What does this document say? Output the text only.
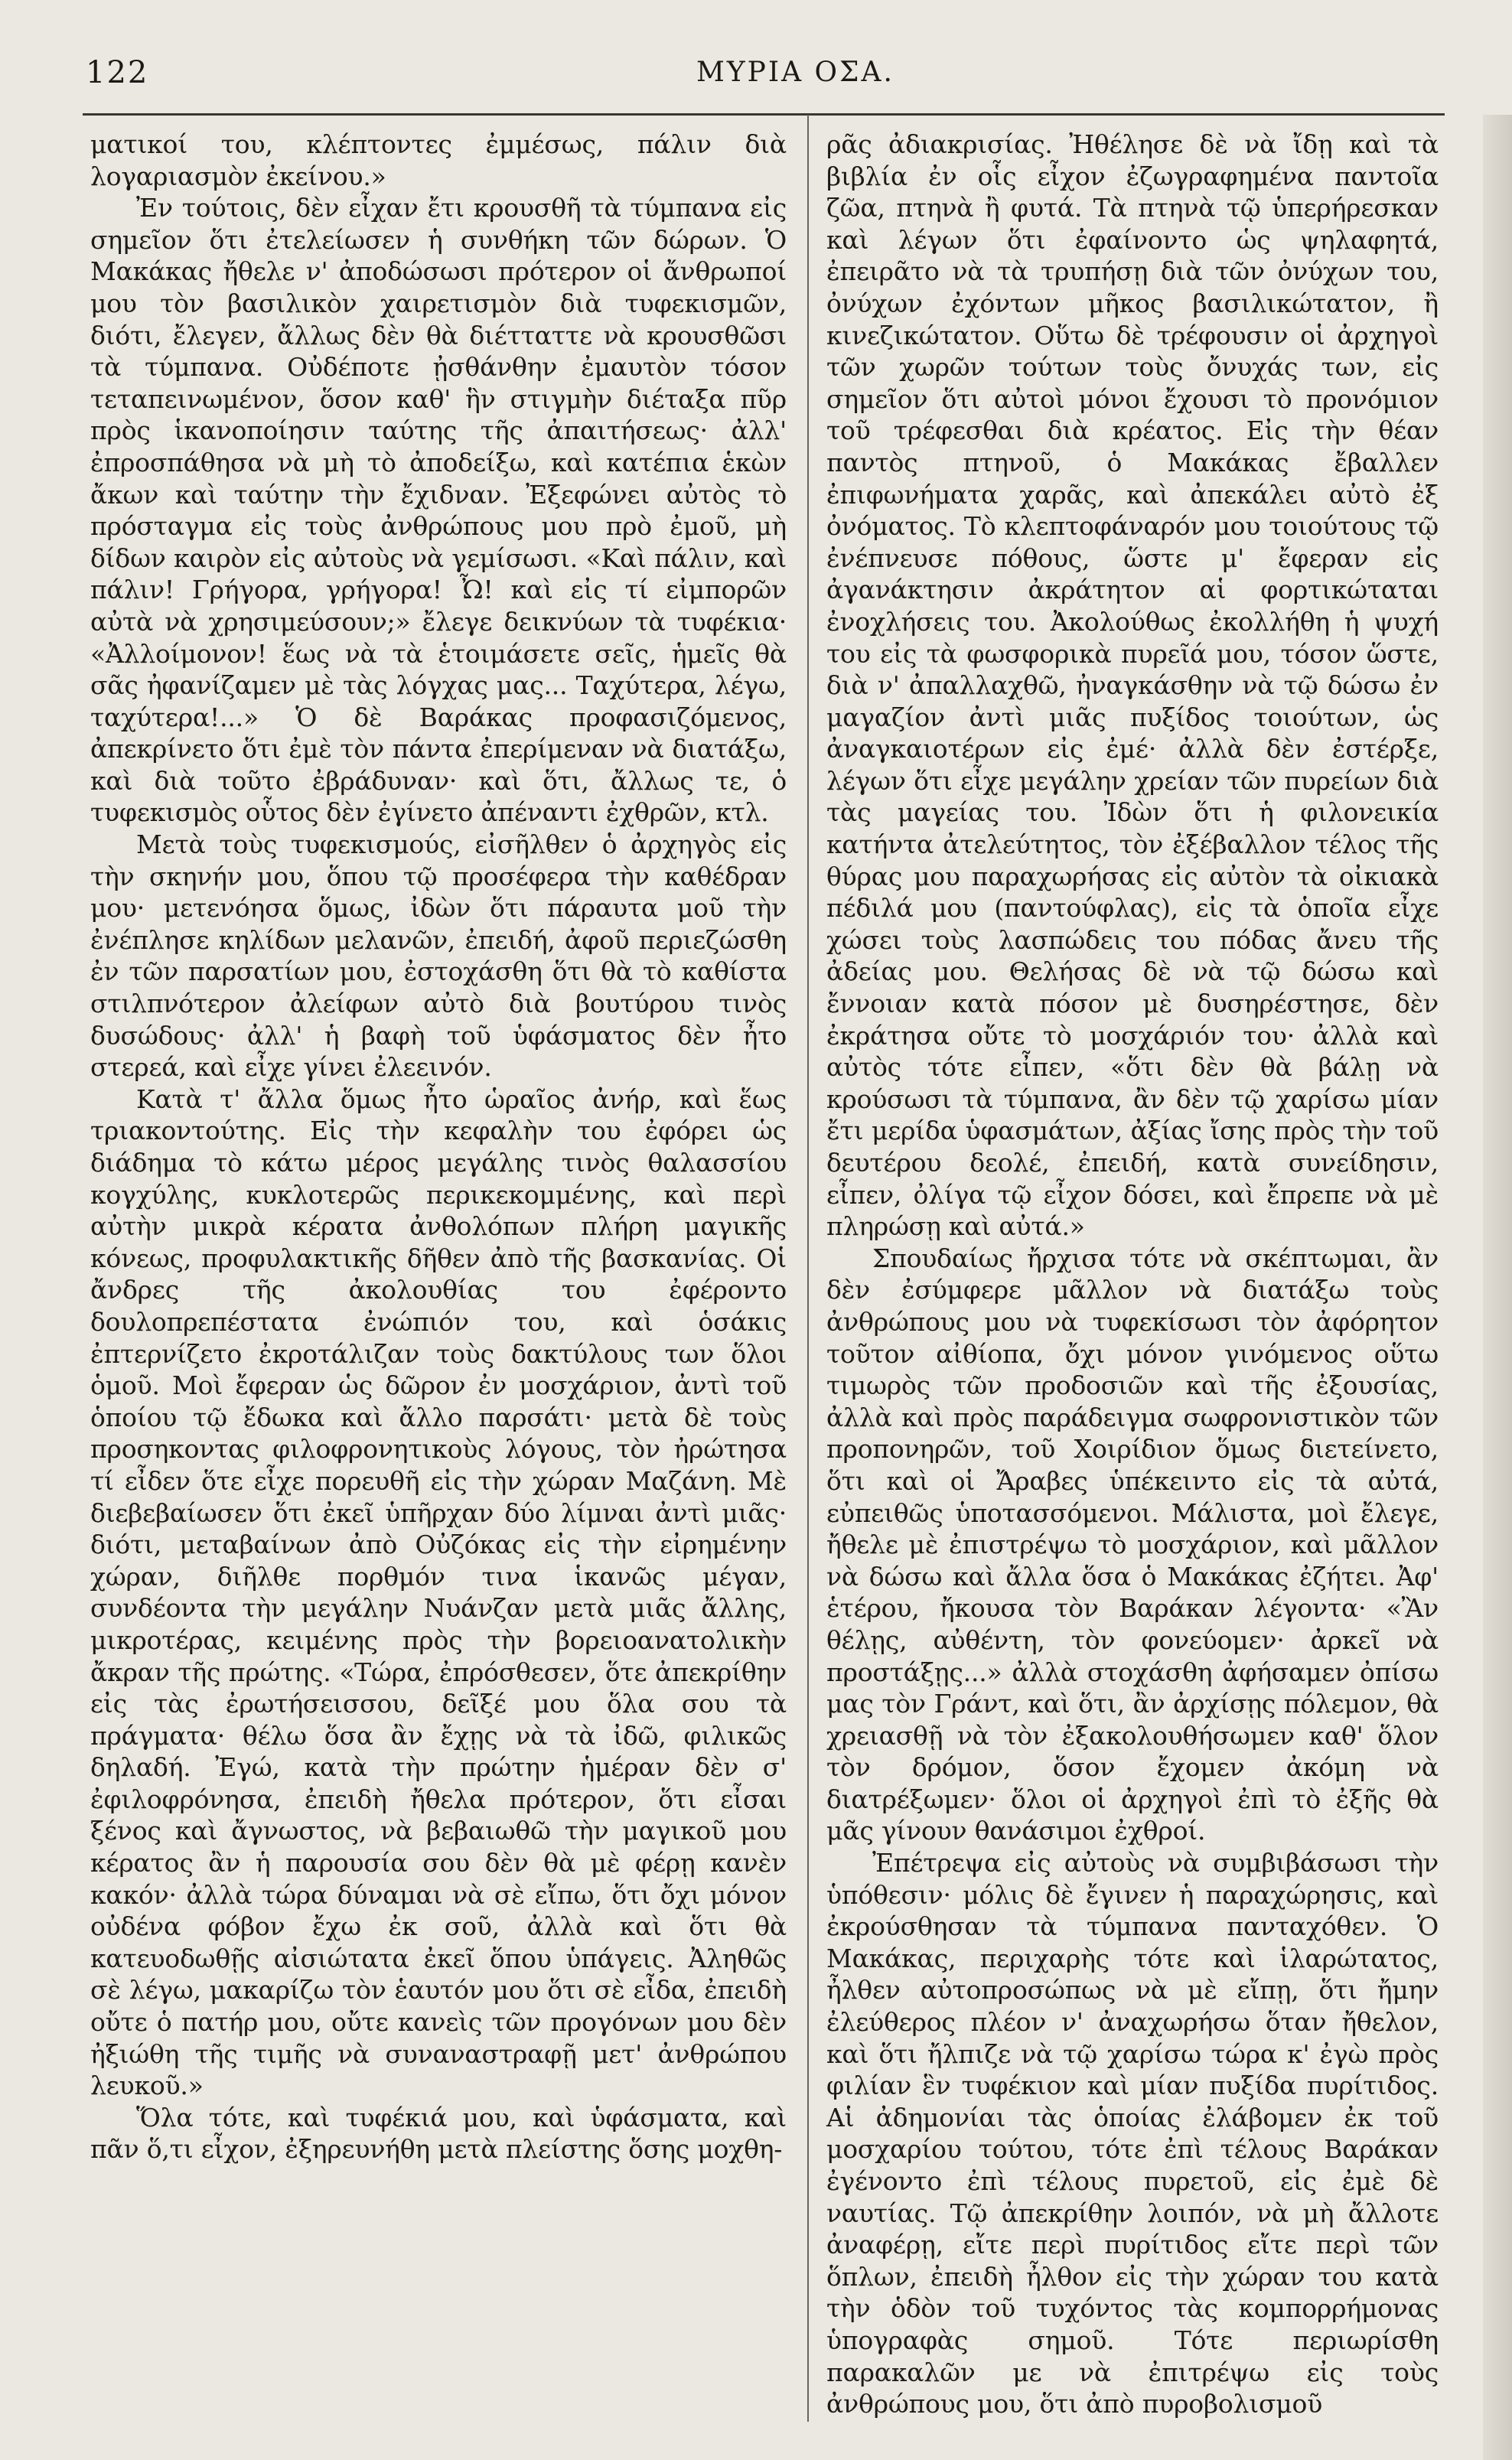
122	ΜΥΡΙΑ ΟΣΑ.

ματικοί του, κλέπτοντες ἐμμέσως, πάλιν διὰ λογαριασμὸν ἐκείνου.»

Ἐν τούτοις, δὲν εἶχαν ἔτι κρουσθῆ τὰ τύμπανα εἰς σημεῖον ὅτι ἐτελείωσεν ἡ συνθήκη τῶν δώρων. Ὁ Μακάκας ἤθελε ν' ἀποδώσωσι πρότερον οἱ ἄνθρωποί μου τὸν βασιλικὸν χαιρετισμὸν διὰ τυφεκισμῶν, διότι, ἔλεγεν, ἄλλως δὲν θὰ διέτταττε νὰ κρουσθῶσι τὰ τύμπανα. Οὐδέποτε ᾐσθάνθην ἐμαυτὸν τόσον τεταπεινωμένον, ὅσον καθ' ἣν στιγμὴν διέταξα πῦρ πρὸς ἱκανοποίησιν ταύτης τῆς ἀπαιτήσεως· ἀλλ' ἐπροσπάθησα νὰ μὴ τὸ ἀποδείξω, καὶ κατέπια ἑκὼν ἄκων καὶ ταύτην τὴν ἔχιδναν. Ἐξεφώνει αὐτὸς τὸ πρόσταγμα εἰς τοὺς ἀνθρώπους μου πρὸ ἐμοῦ, μὴ δίδων καιρὸν εἰς αὐτοὺς νὰ γεμίσωσι. «Καὶ πάλιν, καὶ πάλιν! Γρήγορα, γρήγορα! Ὦ! καὶ εἰς τί εἰμπορῶν αὐτὰ νὰ χρησιμεύσουν;» ἔλεγε δεικνύων τὰ τυφέκια· «Ἀλλοίμονον! ἕως νὰ τὰ ἑτοιμάσετε σεῖς, ἡμεῖς θὰ σᾶς ἠφανίζαμεν μὲ τὰς λόγχας μας... Ταχύτερα, λέγω, ταχύτερα!...» Ὁ δὲ Βαράκας προφασιζόμενος, ἀπεκρίνετο ὅτι ἐμὲ τὸν πάντα ἐπερίμεναν νὰ διατάξω, καὶ διὰ τοῦτο ἐβράδυναν· καὶ ὅτι, ἄλλως τε, ὁ τυφεκισμὸς οὗτος δὲν ἐγίνετο ἀπέναντι ἐχθρῶν, κτλ.

Μετὰ τοὺς τυφεκισμούς, εἰσῆλθεν ὁ ἀρχηγὸς εἰς τὴν σκηνήν μου, ὅπου τῷ προσέφερα τὴν καθέδραν μου· μετενόησα ὅμως, ἰδὼν ὅτι πάραυτα μοῦ τὴν ἐνέπλησε κηλίδων μελανῶν, ἐπειδή, ἀφοῦ περιεζώσθη ἐν τῶν παρσατίων μου, ἐστοχάσθη ὅτι θὰ τὸ καθίστα στιλπνότερον ἀλείφων αὐτὸ διὰ βουτύρου τινὸς δυσώδους· ἀλλ' ἡ βαφὴ τοῦ ὑφάσματος δὲν ἦτο στερεά, καὶ εἶχε γίνει ἐλεεινόν.

Κατὰ τ' ἄλλα ὅμως ἦτο ὡραῖος ἀνήρ, καὶ ἕως τριακοντούτης. Εἰς τὴν κεφαλὴν του ἐφόρει ὡς διάδημα τὸ κάτω μέρος μεγάλης τινὸς θαλασσίου κογχύλης, κυκλοτερῶς περικεκομμένης, καὶ περὶ αὐτὴν μικρὰ κέρατα ἀνθολόπων πλήρη μαγικῆς κόνεως, προφυλακτικῆς δῆθεν ἀπὸ τῆς βασκανίας. Οἱ ἄνδρες τῆς ἀκολουθίας του ἐφέροντο δουλοπρεπέστατα ἐνώπιόν του, καὶ ὁσάκις ἐπτερνίζετο ἐκροτάλιζαν τοὺς δακτύλους των ὅλοι ὁμοῦ. Μοὶ ἔφεραν ὡς δῶρον ἐν μοσχάριον, ἀντὶ τοῦ ὁποίου τῷ ἔδωκα καὶ ἄλλο παρσάτι· μετὰ δὲ τοὺς προσηκοντας φιλοφρονητικοὺς λόγους, τὸν ἠρώτησα τί εἶδεν ὅτε εἶχε πορευθῆ εἰς τὴν χώραν Μαζάνη. Μὲ διεβεβαίωσεν ὅτι ἐκεῖ ὑπῆρχαν δύο λίμναι ἀντὶ μιᾶς· διότι, μεταβαίνων ἀπὸ Οὐζόκας εἰς τὴν εἰρημένην χώραν, διῆλθε πορθμόν τινα ἱκανῶς μέγαν, συνδέοντα τὴν μεγάλην Νυάνζαν μετὰ μιᾶς ἄλλης, μικροτέρας, κειμένης πρὸς τὴν βορειοανατολικὴν ἄκραν τῆς πρώτης. «Τώρα, ἐπρόσθεσεν, ὅτε ἀπεκρίθην εἰς τὰς ἐρωτήσεισσου, δεῖξέ μου ὅλα σου τὰ πράγματα· θέλω ὅσα ἂν ἔχῃς νὰ τὰ ἰδῶ, φιλικῶς δηλαδή. Ἐγώ, κατὰ τὴν πρώτην ἡμέραν δὲν σ' ἐφιλοφρόνησα, ἐπειδὴ ἤθελα πρότερον, ὅτι εἶσαι ξένος καὶ ἄγνωστος, νὰ βεβαιωθῶ τὴν μαγικοῦ μου κέρατος ἂν ἡ παρουσία σου δὲν θὰ μὲ φέρῃ κανὲν κακόν· ἀλλὰ τώρα δύναμαι νὰ σὲ εἴπω, ὅτι ὄχι μόνον οὐδένα φόβον ἔχω ἐκ σοῦ, ἀλλὰ καὶ ὅτι θὰ κατευοδωθῇς αἰσιώτατα ἐκεῖ ὅπου ὑπάγεις. Ἀληθῶς σὲ λέγω, μακαρίζω τὸν ἑαυτόν μου ὅτι σὲ εἶδα, ἐπειδὴ οὔτε ὁ πατήρ μου, οὔτε κανεὶς τῶν προγόνων μου δὲν ἠξιώθη τῆς τιμῆς νὰ συναναστραφῇ μετ' ἀνθρώπου λευκοῦ.»

Ὅλα τότε, καὶ τυφέκιά μου, καὶ ὑφάσματα, καὶ πᾶν ὅ,τι εἶχον, ἐξηρευνήθη μετὰ πλείστης ὅσης μοχθη-

ρᾶς ἀδιακρισίας. Ἠθέλησε δὲ νὰ ἴδῃ καὶ τὰ βιβλία ἐν οἷς εἶχον ἐζωγραφημένα παντοῖα ζῶα, πτηνὰ ἢ φυτά. Τὰ πτηνὰ τῷ ὑπερήρεσκαν καὶ λέγων ὅτι ἐφαίνοντο ὡς ψηλαφητά, ἐπειρᾶτο νὰ τὰ τρυπήσῃ διὰ τῶν ὀνύχων του, ὀνύχων ἐχόντων μῆκος βασιλικώτατον, ἢ κινεζικώτατον. Οὕτω δὲ τρέφουσιν οἱ ἀρχηγοὶ τῶν χωρῶν τούτων τοὺς ὄνυχάς των, εἰς σημεῖον ὅτι αὐτοὶ μόνοι ἔχουσι τὸ προνόμιον τοῦ τρέφεσθαι διὰ κρέατος. Εἰς τὴν θέαν παντὸς πτηνοῦ, ὁ Μακάκας ἔβαλλεν ἐπιφωνήματα χαρᾶς, καὶ ἀπεκάλει αὐτὸ ἐξ ὀνόματος. Τὸ κλεπτοφάναρόν μου τοιούτους τῷ ἐνέπνευσε πόθους, ὥστε μ' ἔφεραν εἰς ἀγανάκτησιν ἀκράτητον αἱ φορτικώταται ἐνοχλήσεις του. Ἀκολούθως ἐκολλήθη ἡ ψυχή του εἰς τὰ φωσφορικὰ πυρεῖά μου, τόσον ὥστε, διὰ ν' ἀπαλλαχθῶ, ἠναγκάσθην νὰ τῷ δώσω ἐν μαγαζίον ἀντὶ μιᾶς πυξίδος τοιούτων, ὡς ἀναγκαιοτέρων εἰς ἐμέ· ἀλλὰ δὲν ἐστέρξε, λέγων ὅτι εἶχε μεγάλην χρείαν τῶν πυρείων διὰ τὰς μαγείας του. Ἰδὼν ὅτι ἡ φιλονεικία κατήντα ἀτελεύτητος, τὸν ἐξέβαλλον τέλος τῆς θύρας μου παραχωρήσας εἰς αὐτὸν τὰ οἰκιακὰ πέδιλά μου (παντούφλας), εἰς τὰ ὁποῖα εἶχε χώσει τοὺς λασπώδεις του πόδας ἄνευ τῆς ἀδείας μου. Θελήσας δὲ νὰ τῷ δώσω καὶ ἔννοιαν κατὰ πόσον μὲ δυσηρέστησε, δὲν ἐκράτησα οὔτε τὸ μοσχάριόν του· ἀλλὰ καὶ αὐτὸς τότε εἶπεν, «ὅτι δὲν θὰ βάλῃ νὰ κρούσωσι τὰ τύμπανα, ἂν δὲν τῷ χαρίσω μίαν ἔτι μερίδα ὑφασμάτων, ἀξίας ἴσης πρὸς τὴν τοῦ δευτέρου δεολέ, ἐπειδή, κατὰ συνείδησιν, εἶπεν, ὀλίγα τῷ εἶχον δόσει, καὶ ἔπρεπε νὰ μὲ πληρώσῃ καὶ αὐτά.»

Σπουδαίως ἤρχισα τότε νὰ σκέπτωμαι, ἂν δὲν ἐσύμφερε μᾶλλον νὰ διατάξω τοὺς ἀνθρώπους μου νὰ τυφεκίσωσι τὸν ἀφόρητον τοῦτον αἰθίοπα, ὄχι μόνον γινόμενος οὕτω τιμωρὸς τῶν προδοσιῶν καὶ τῆς ἐξουσίας, ἀλλὰ καὶ πρὸς παράδειγμα σωφρονιστικὸν τῶν προπονηρῶν, τοῦ Χοιρίδιον ὅμως διετείνετο, ὅτι καὶ οἱ Ἄραβες ὑπέκειντο εἰς τὰ αὐτά, εὐπειθῶς ὑποτασσόμενοι. Μάλιστα, μοὶ ἔλεγε, ἤθελε μὲ ἐπιστρέψω τὸ μοσχάριον, καὶ μᾶλλον νὰ δώσω καὶ ἄλλα ὅσα ὁ Μακάκας ἐζήτει. Ἀφ' ἑτέρου, ἤκουσα τὸν Βαράκαν λέγοντα· «Ἂν θέλῃς, αὐθέντη, τὸν φονεύομεν· ἀρκεῖ νὰ προστάξῃς...» ἀλλὰ στοχάσθη ἀφήσαμεν ὀπίσω μας τὸν Γράντ, καὶ ὅτι, ἂν ἀρχίσῃς πόλεμον, θὰ χρειασθῇ νὰ τὸν ἐξακολουθήσωμεν καθ' ὅλον τὸν δρόμον, ὅσον ἔχομεν ἀκόμη νὰ διατρέξωμεν· ὅλοι οἱ ἀρχηγοὶ ἐπὶ τὸ ἐξῆς θὰ μᾶς γίνουν θανάσιμοι ἐχθροί.

Ἐπέτρεψα εἰς αὐτοὺς νὰ συμβιβάσωσι τὴν ὑπόθεσιν· μόλις δὲ ἔγινεν ἡ παραχώρησις, καὶ ἐκρούσθησαν τὰ τύμπανα πανταχόθεν. Ὁ Μακάκας, περιχαρὴς τότε καὶ ἱλαρώτατος, ἦλθεν αὐτοπροσώπως νὰ μὲ εἴπῃ, ὅτι ἤμην ἐλεύθερος πλέον ν' ἀναχωρήσω ὅταν ἤθελον, καὶ ὅτι ἤλπιζε νὰ τῷ χαρίσω τώρα κ' ἐγὼ πρὸς φιλίαν ἓν τυφέκιον καὶ μίαν πυξίδα πυρίτιδος. Αἱ ἀδημονίαι τὰς ὁποίας ἐλάβομεν ἐκ τοῦ μοσχαρίου τούτου, τότε ἐπὶ τέλους Βαράκαν ἐγένοντο ἐπὶ τέλους πυρετοῦ, εἰς ἐμὲ δὲ ναυτίας. Τῷ ἀπεκρίθην λοιπόν, νὰ μὴ ἄλλοτε ἀναφέρῃ, εἴτε περὶ πυρίτιδος εἴτε περὶ τῶν ὅπλων, ἐπειδὴ ἦλθον εἰς τὴν χώραν του κατὰ τὴν ὁδὸν τοῦ τυχόντος τὰς κομπορρήμονας ὑπογραφὰς σημοῦ. Τότε περιωρίσθη παρακαλῶν με νὰ ἐπιτρέψω εἰς τοὺς ἀνθρώπους μου, ὅτι ἀπὸ πυροβολισμοῦ
